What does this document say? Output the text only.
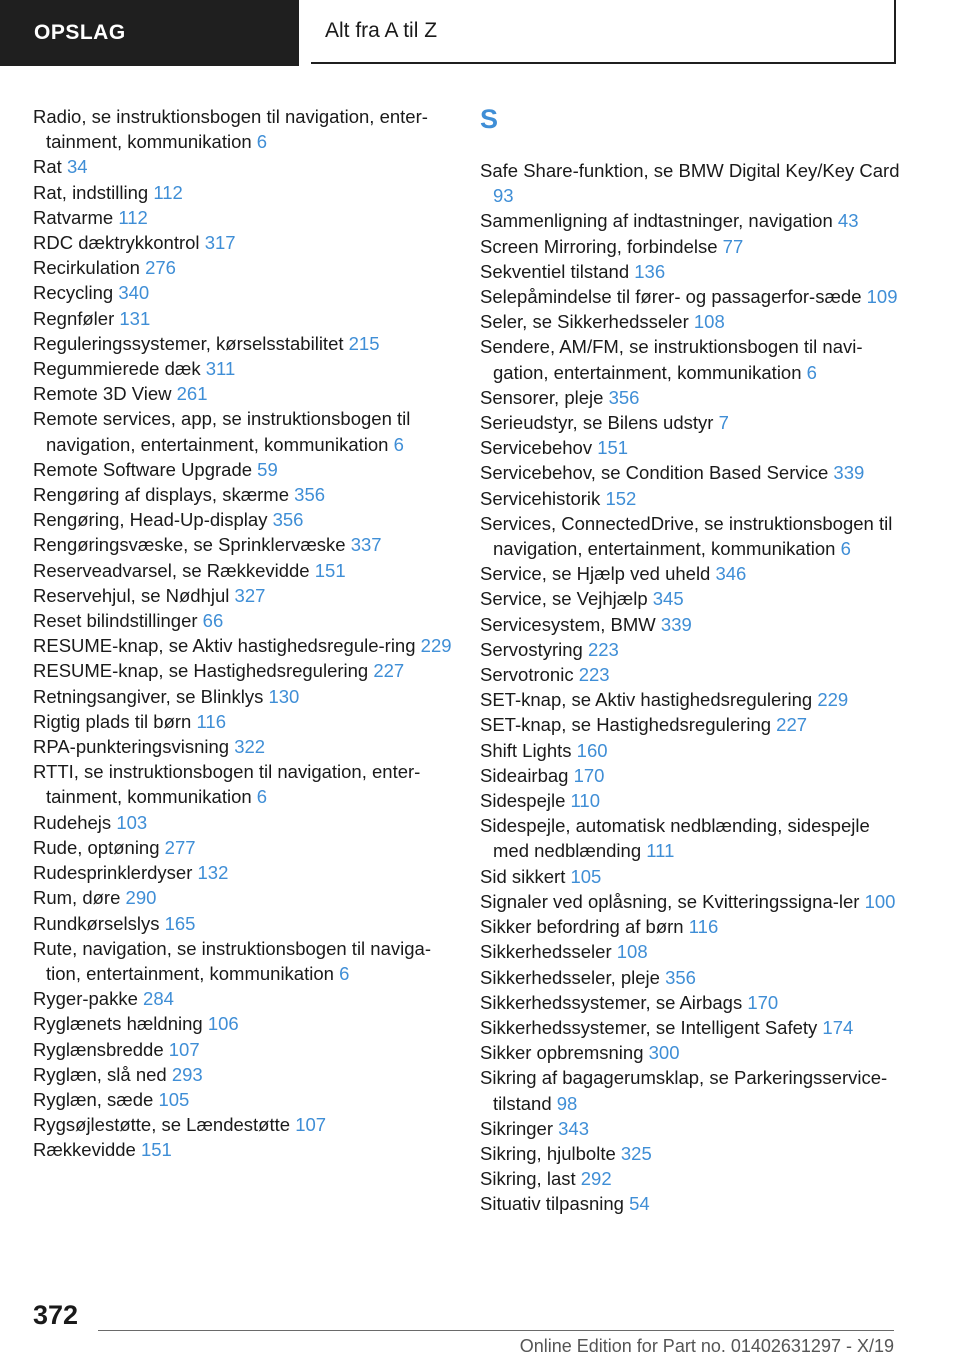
OPSLAG	Alt fra A til Z
Radio, se instruktionsbogen til navigation, enter‐tainment, kommunikation 6
Rat 34
Rat, indstilling 112
Ratvarme 112
RDC dæktrykkontrol 317
Recirkulation 276
Recycling 340
Regnføler 131
Reguleringssystemer, kørselsstabilitet 215
Regummierede dæk 311
Remote 3D View 261
Remote services, app, se instruktionsbogen til navigation, entertainment, kommunikation 6
Remote Software Upgrade 59
Rengøring af displays, skærme 356
Rengøring, Head-Up-display 356
Rengøringsvæske, se Sprinklervæske 337
Reserveadvarsel, se Rækkevidde 151
Reservehjul, se Nødhjul 327
Reset bilindstillinger 66
RESUME-knap, se Aktiv hastighedsregule‐ring 229
RESUME-knap, se Hastighedsregulering 227
Retningsangiver, se Blinklys 130
Rigtig plads til børn 116
RPA-punkteringsvisning 322
RTTI, se instruktionsbogen til navigation, enter‐tainment, kommunikation 6
Rudehejs 103
Rude, optøning 277
Rudesprinklerdyser 132
Rum, døre 290
Rundkørselslys 165
Rute, navigation, se instruktionsbogen til naviga‐tion, entertainment, kommunikation 6
Ryger-pakke 284
Ryglænets hældning 106
Ryglænsbredde 107
Ryglæn, slå ned 293
Ryglæn, sæde 105
Rygsøjlestøtte, se Lændestøtte 107
Rækkevidde 151
S
Safe Share-funktion, se BMW Digital Key/Key Card 93
Sammenligning af indtastninger, navigation 43
Screen Mirroring, forbindelse 77
Sekventiel tilstand 136
Selepåmindelse til fører- og passagerfor‐sæde 109
Seler, se Sikkerhedsseler 108
Sendere, AM/FM, se instruktionsbogen til navi‐gation, entertainment, kommunikation 6
Sensorer, pleje 356
Serieudstyr, se Bilens udstyr 7
Servicebehov 151
Servicebehov, se Condition Based Service 339
Servicehistorik 152
Services, ConnectedDrive, se instruktionsbogen til navigation, entertainment, kommunikation 6
Service, se Hjælp ved uheld 346
Service, se Vejhjælp 345
Servicesystem, BMW 339
Servostyring 223
Servotronic 223
SET-knap, se Aktiv hastighedsregulering 229
SET-knap, se Hastighedsregulering 227
Shift Lights 160
Sideairbag 170
Sidespejle 110
Sidespejle, automatisk nedblænding, sidespejle med nedblænding 111
Sid sikkert 105
Signaler ved oplåsning, se Kvitteringssigna‐ler 100
Sikker befordring af børn 116
Sikkerhedsseler 108
Sikkerhedsseler, pleje 356
Sikkerhedssystemer, se Airbags 170
Sikkerhedssystemer, se Intelligent Safety 174
Sikker opbremsning 300
Sikring af bagagerumsklap, se Parkeringsservice‐tilstand 98
Sikringer 343
Sikring, hjulbolte 325
Sikring, last 292
Situativ tilpasning 54
372
Online Edition for Part no. 01402631297 - X/19
